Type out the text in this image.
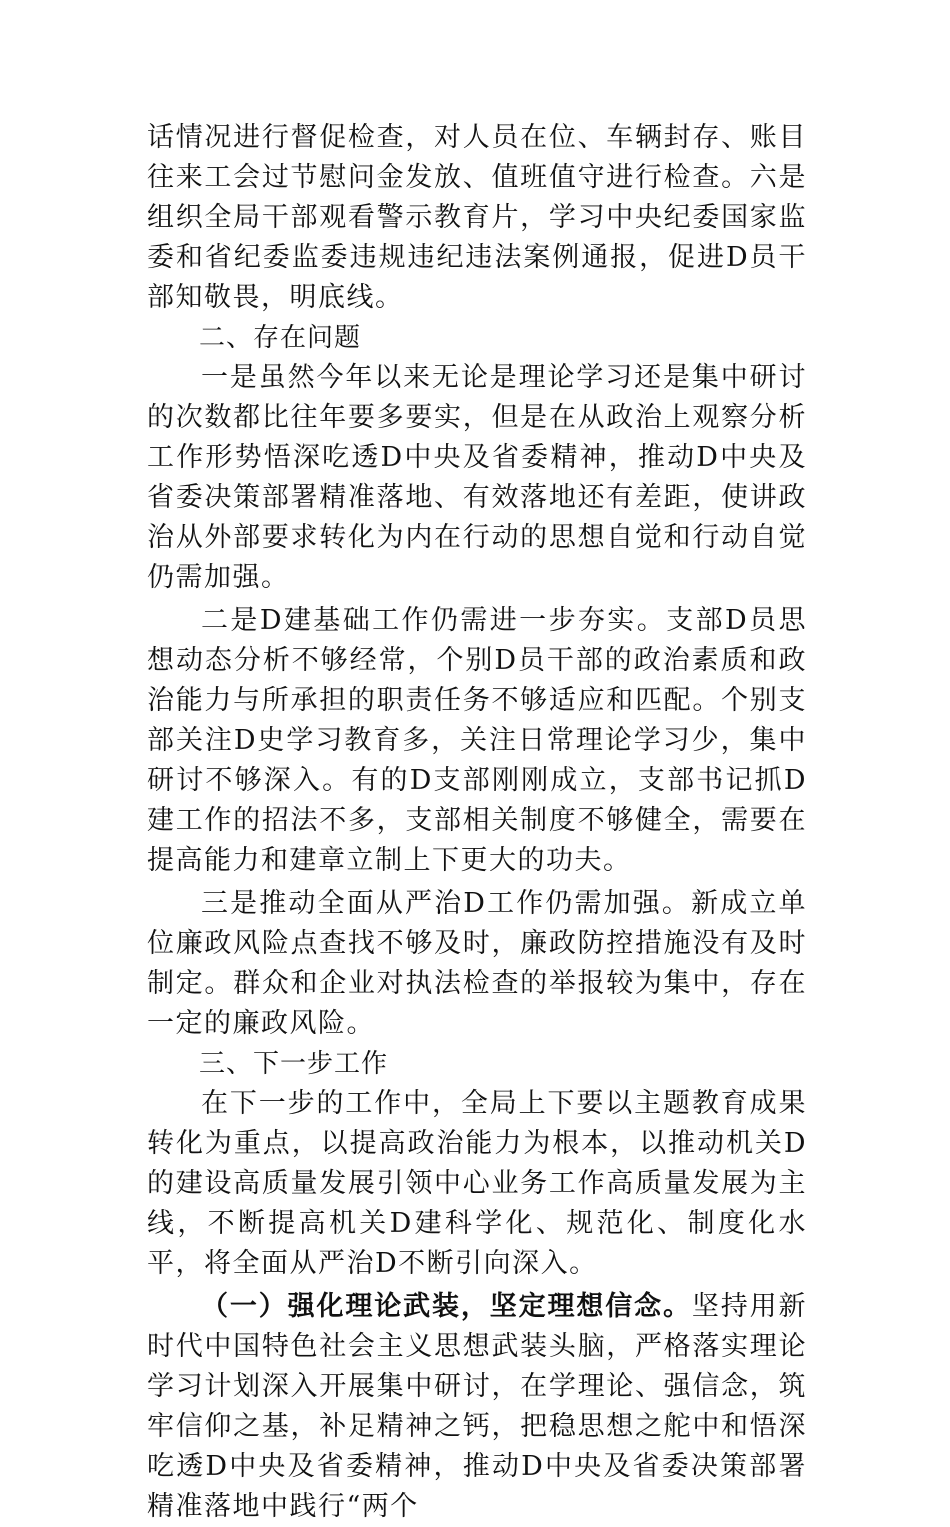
话情况进行督促检查，对人员在位、车辆封存、账目往来工会过节慰问金发放、值班值守进行检查。六是组织全局干部观看警示教育片，学习中央纪委国家监委和省纪委监委违规违纪违法案例通报，促进D员干部知敬畏，明底线。

二、存在问题

一是虽然今年以来无论是理论学习还是集中研讨的次数都比往年要多要实，但是在从政治上观察分析工作形势悟深吃透D中央及省委精神，推动D中央及省委决策部署精准落地、有效落地还有差距，使讲政治从外部要求转化为内在行动的思想自觉和行动自觉仍需加强。

二是D建基础工作仍需进一步夯实。支部D员思想动态分析不够经常，个别D员干部的政治素质和政治能力与所承担的职责任务不够适应和匹配。个别支部关注D史学习教育多，关注日常理论学习少，集中研讨不够深入。有的D支部刚刚成立，支部书记抓D建工作的招法不多，支部相关制度不够健全，需要在提高能力和建章立制上下更大的功夫。

三是推动全面从严治D工作仍需加强。新成立单位廉政风险点查找不够及时，廉政防控措施没有及时制定。群众和企业对执法检查的举报较为集中，存在一定的廉政风险。

三、下一步工作

在下一步的工作中，全局上下要以主题教育成果转化为重点，以提高政治能力为根本，以推动机关D的建设高质量发展引领中心业务工作高质量发展为主线，不断提高机关D建科学化、规范化、制度化水平，将全面从严治D不断引向深入。

（一）强化理论武装，坚定理想信念。坚持用新时代中国特色社会主义思想武装头脑，严格落实理论学习计划深入开展集中研讨，在学理论、强信念，筑牢信仰之基，补足精神之钙，把稳思想之舵中和悟深吃透D中央及省委精神，推动D中央及省委决策部署精准落地中践行“两个
